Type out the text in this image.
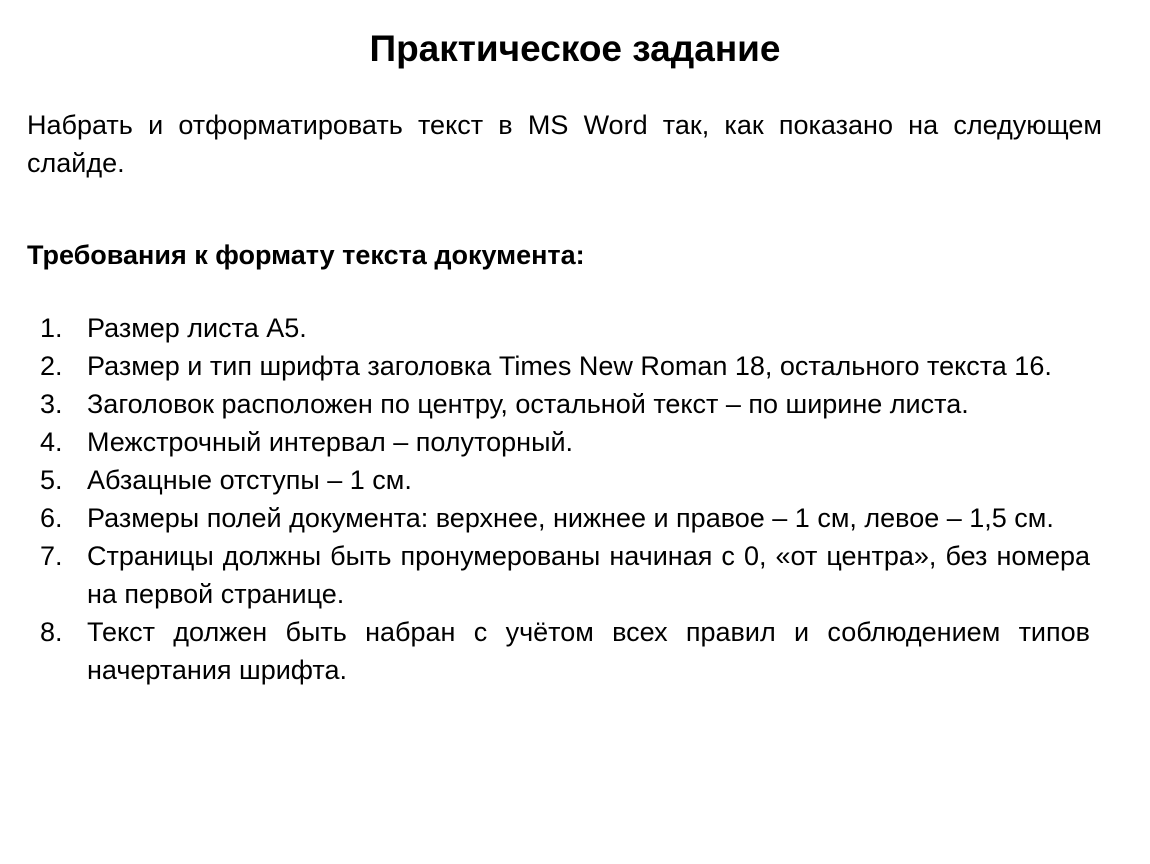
Практическое задание

Набрать и отформатировать текст в MS Word так, как показано на следующем слайде.

Требования к формату текста документа:

1. Размер листа А5.
2. Размер и тип шрифта заголовка Times New Roman 18, остального текста 16.
3. Заголовок расположен по центру, остальной текст – по ширине листа.
4. Межстрочный интервал – полуторный.
5. Абзацные отступы – 1 см.
6. Размеры полей документа: верхнее, нижнее и правое – 1 см, левое – 1,5 см.
7. Страницы должны быть пронумерованы начиная с 0, «от центра», без номера на первой странице.
8. Текст должен быть набран с учётом всех правил и соблюдением типов начертания шрифта.
